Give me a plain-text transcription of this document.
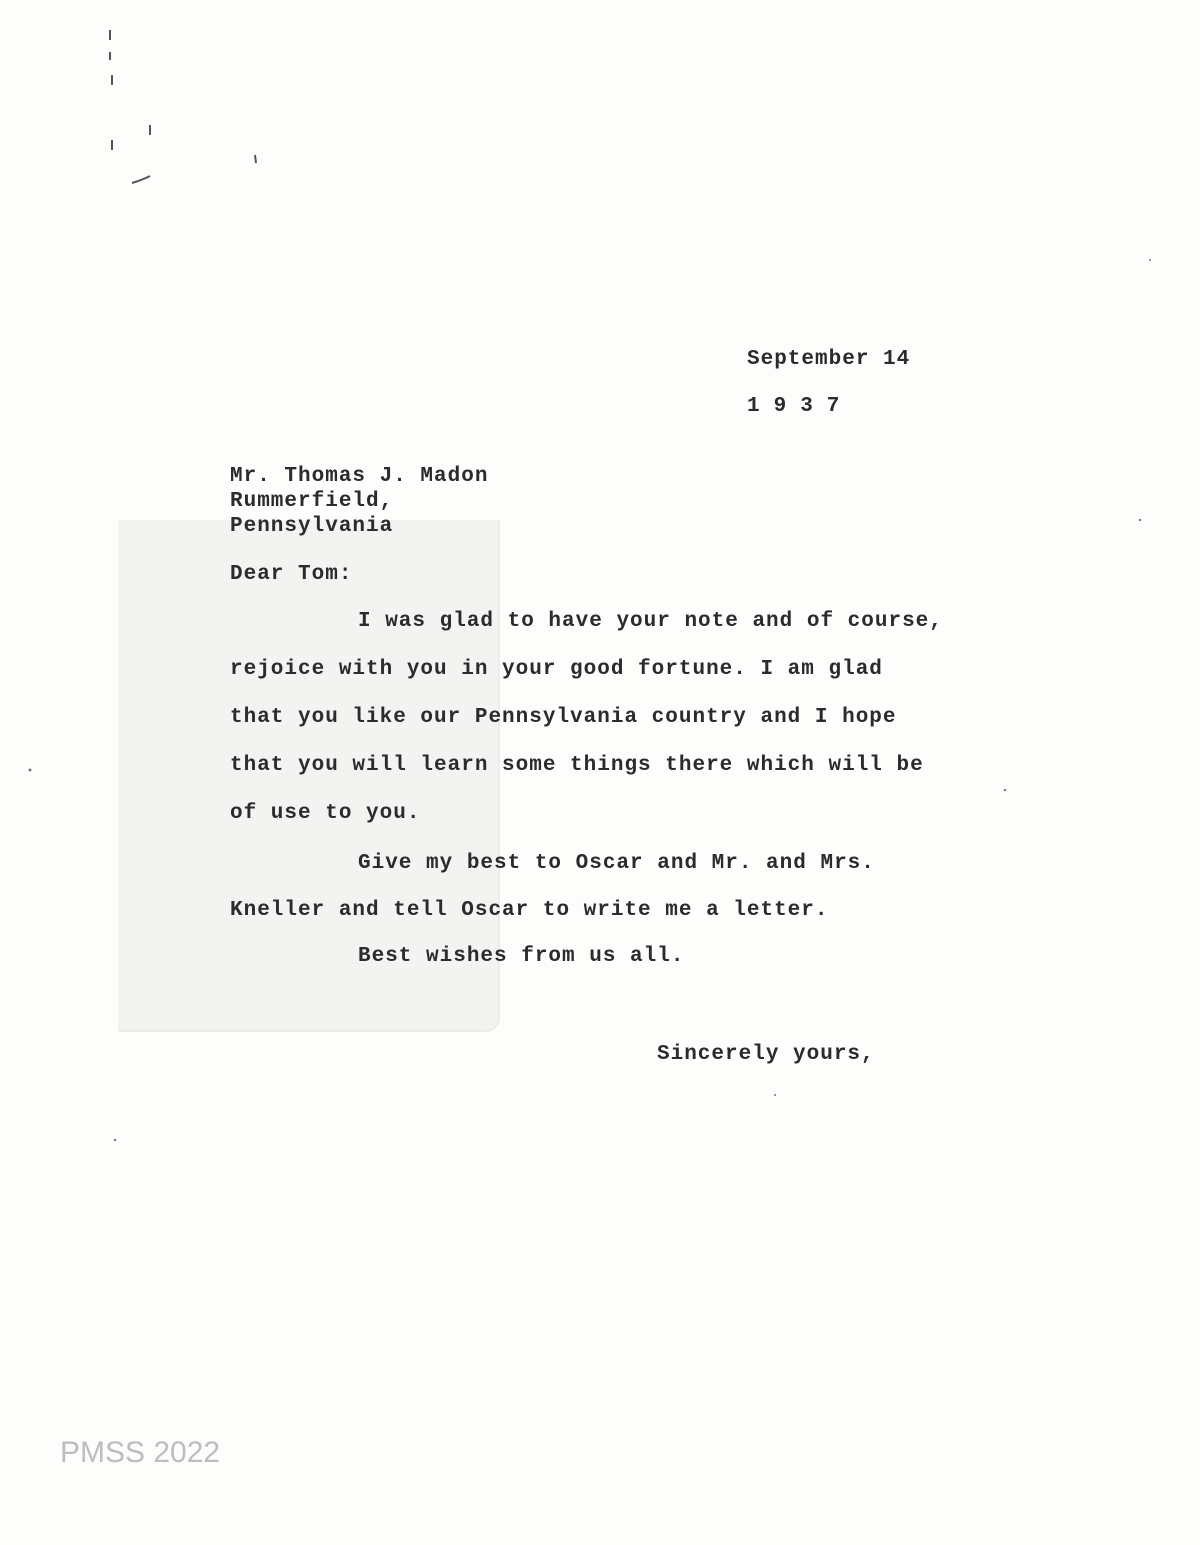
September 14
1937
Mr. Thomas J. Madon
Rummerfield,
Pennsylvania
Dear Tom:
I was glad to have your note and of course,
rejoice with you in your good fortune. I am glad
that you like our Pennsylvania country and I hope
that you will learn some things there which will be
of use to you.
Give my best to Oscar and Mr. and Mrs.
Kneller and tell Oscar to write me a letter.
Best wishes from us all.
Sincerely yours,
PMSS 2022
